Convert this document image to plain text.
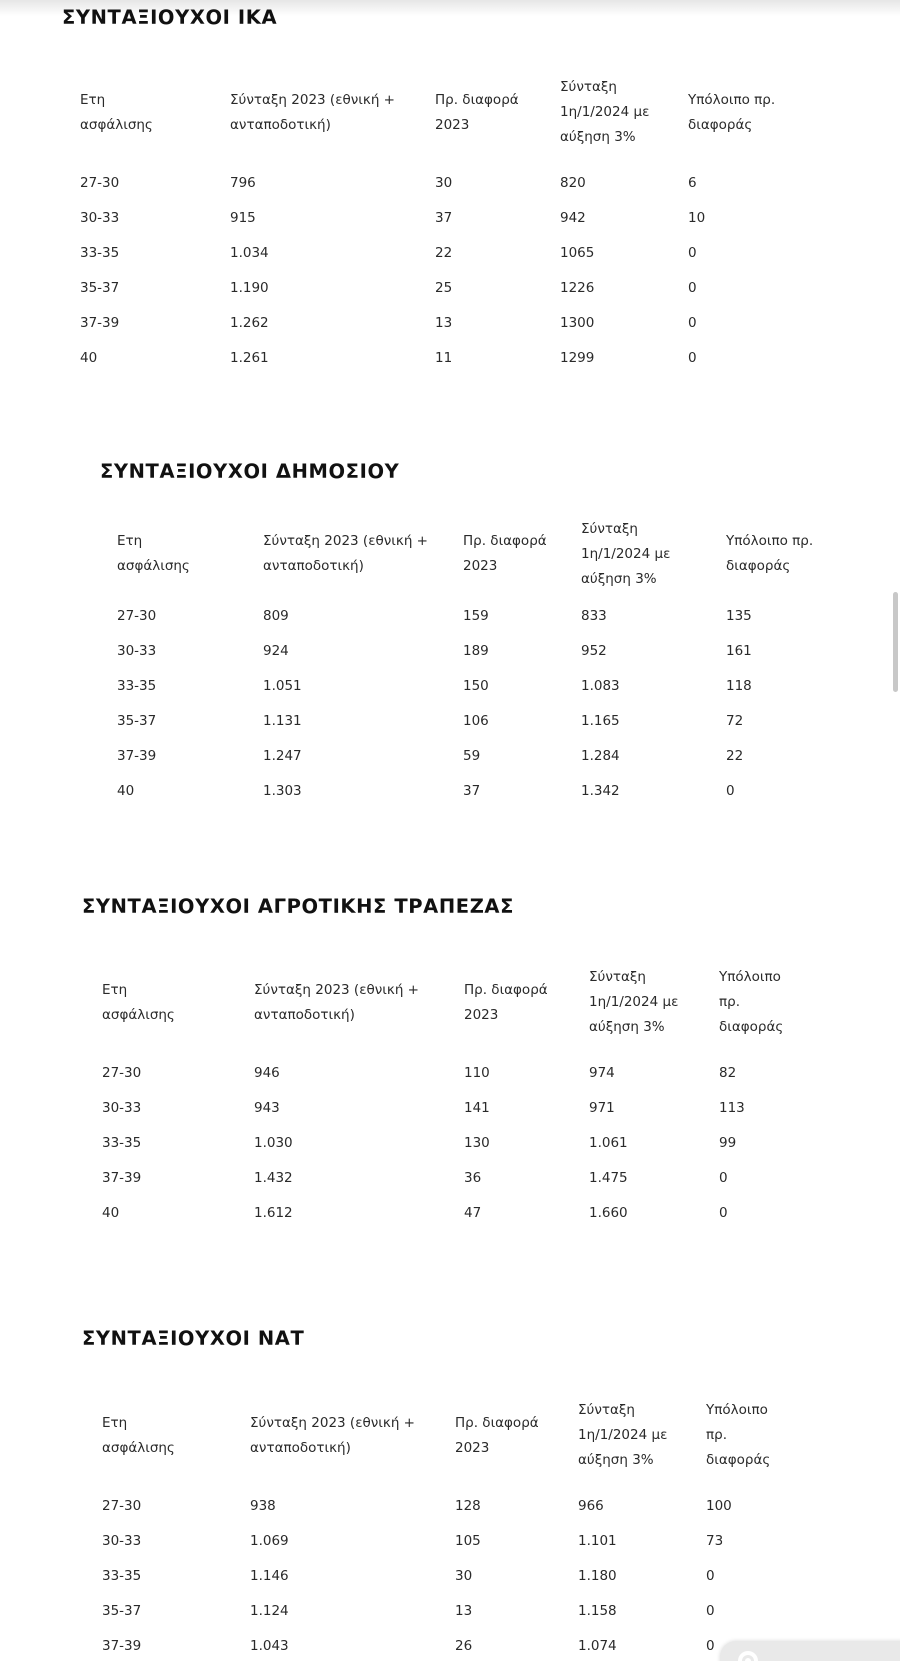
ΣΥΝΤΑΞΙΟΥΧΟΙ ΙΚΑ
Ετη ασφάλισης	Σύνταξη 2023 (εθνική + ανταποδοτική)	Πρ. διαφορά 2023	Σύνταξη 1η/1/2024 με αύξηση 3%	Υπόλοιπο πρ. διαφοράς

27-30	796	30	820	6
30-33	915	37	942	10
33-35	1.034	22	1065	0
35-37	1.190	25	1226	0
37-39	1.262	13	1300	0
40	1.261	11	1299	0
ΣΥΝΤΑΞΙΟΥΧΟΙ ΔΗΜΟΣΙΟΥ
Ετη ασφάλισης	Σύνταξη 2023 (εθνική + ανταποδοτική)	Πρ. διαφορά 2023	Σύνταξη 1η/1/2024 με αύξηση 3%	Υπόλοιπο πρ. διαφοράς

27-30	809	159	833	135
30-33	924	189	952	161
33-35	1.051	150	1.083	118
35-37	1.131	106	1.165	72
37-39	1.247	59	1.284	22
40	1.303	37	1.342	0
ΣΥΝΤΑΞΙΟΥΧΟΙ ΑΓΡΟΤΙΚΗΣ ΤΡΑΠΕΖΑΣ
Ετη ασφάλισης	Σύνταξη 2023 (εθνική + ανταποδοτική)	Πρ. διαφορά 2023	Σύνταξη 1η/1/2024 με αύξηση 3%	Υπόλοιπο πρ. διαφοράς

27-30	946	110	974	82
30-33	943	141	971	113
33-35	1.030	130	1.061	99
37-39	1.432	36	1.475	0
40	1.612	47	1.660	0
ΣΥΝΤΑΞΙΟΥΧΟΙ ΝΑΤ
Ετη ασφάλισης	Σύνταξη 2023 (εθνική + ανταποδοτική)	Πρ. διαφορά 2023	Σύνταξη 1η/1/2024 με αύξηση 3%	Υπόλοιπο πρ. διαφοράς

27-30	938	128	966	100
30-33	1.069	105	1.101	73
33-35	1.146	30	1.180	0
35-37	1.124	13	1.158	0
37-39	1.043	26	1.074	0
